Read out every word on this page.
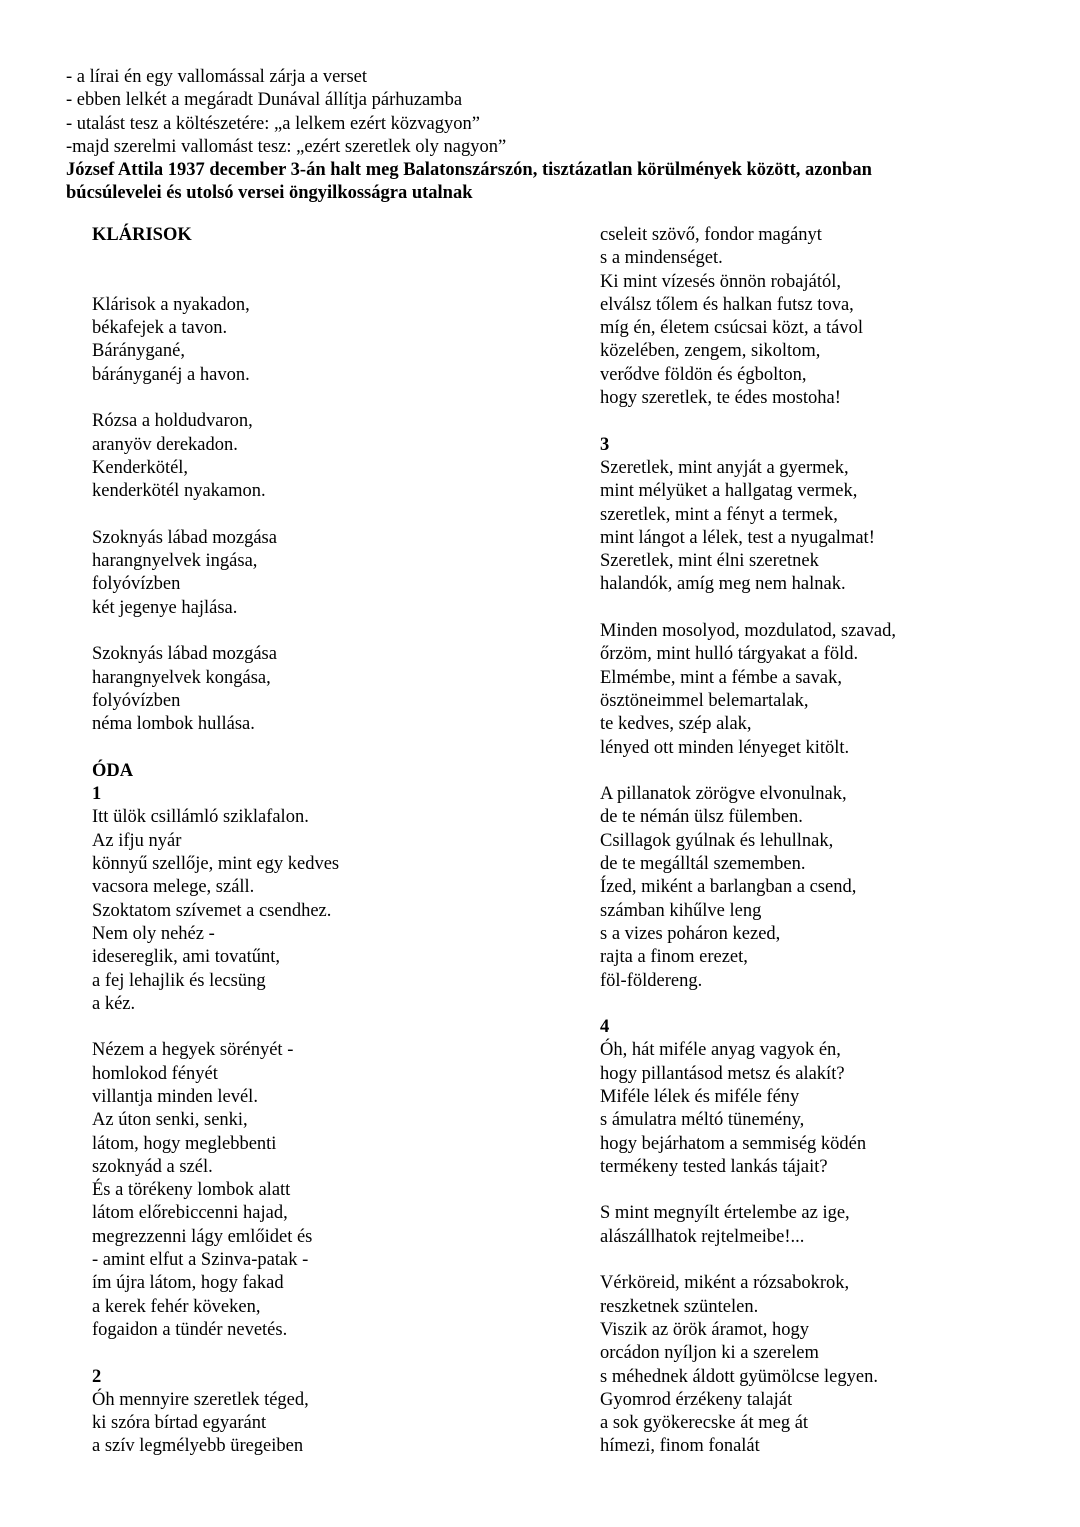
- a lírai én egy vallomással zárja a verset
- ebben lelkét a megáradt Dunával állítja párhuzamba
- utalást tesz a költészetére: „a lelkem ezért közvagyon”
-majd szerelmi vallomást tesz: „ezért szeretlek oly nagyon”
József Attila 1937 december 3-án halt meg Balatonszárszón, tisztázatlan körülmények között, azonban
búcsúlevelei és utolsó versei öngyilkosságra utalnak
KLÁRISOK
Klárisok a nyakadon,
békafejek a tavon.
Báránygané,
bárányganéj a havon.
Rózsa a holdudvaron,
aranyöv derekadon.
Kenderkötél,
kenderkötél nyakamon.
Szoknyás lábad mozgása
harangnyelvek ingása,
folyóvízben
két jegenye hajlása.
Szoknyás lábad mozgása
harangnyelvek kongása,
folyóvízben
néma lombok hullása.
ÓDA
1
Itt ülök csillámló sziklafalon.
Az ifju nyár
könnyű szellője, mint egy kedves
vacsora melege, száll.
Szoktatom szívemet a csendhez.
Nem oly nehéz -
idesereglik, ami tovatűnt,
a fej lehajlik és lecsüng
a kéz.
Nézem a hegyek sörényét -
homlokod fényét
villantja minden levél.
Az úton senki, senki,
látom, hogy meglebbenti
szoknyád a szél.
És a törékeny lombok alatt
látom előrebiccenni hajad,
megrezzenni lágy emlőidet és
- amint elfut a Szinva-patak -
ím újra látom, hogy fakad
a kerek fehér köveken,
fogaidon a tündér nevetés.
2
Óh mennyire szeretlek téged,
ki szóra bírtad egyaránt
a szív legmélyebb üregeiben
cseleit szövő, fondor magányt
s a mindenséget.
Ki mint vízesés önnön robajától,
elválsz tőlem és halkan futsz tova,
míg én, életem csúcsai közt, a távol
közelében, zengem, sikoltom,
verődve földön és égbolton,
hogy szeretlek, te édes mostoha!
3
Szeretlek, mint anyját a gyermek,
mint mélyüket a hallgatag vermek,
szeretlek, mint a fényt a termek,
mint lángot a lélek, test a nyugalmat!
Szeretlek, mint élni szeretnek
halandók, amíg meg nem halnak.
Minden mosolyod, mozdulatod, szavad,
őrzöm, mint hulló tárgyakat a föld.
Elmémbe, mint a fémbe a savak,
ösztöneimmel belemartalak,
te kedves, szép alak,
lényed ott minden lényeget kitölt.
A pillanatok zörögve elvonulnak,
de te némán ülsz fülemben.
Csillagok gyúlnak és lehullnak,
de te megálltál szememben.
Ízed, miként a barlangban a csend,
számban kihűlve leng
s a vizes poháron kezed,
rajta a finom erezet,
föl-földereng.
4
Óh, hát miféle anyag vagyok én,
hogy pillantásod metsz és alakít?
Miféle lélek és miféle fény
s ámulatra méltó tünemény,
hogy bejárhatom a semmiség ködén
termékeny tested lankás tájait?
S mint megnyílt értelembe az ige,
alászállhatok rejtelmeibe!...
Vérköreid, miként a rózsabokrok,
reszketnek szüntelen.
Viszik az örök áramot, hogy
orcádon nyíljon ki a szerelem
s méhednek áldott gyümölcse legyen.
Gyomrod érzékeny talaját
a sok gyökerecske át meg át
hímezi, finom fonalát
